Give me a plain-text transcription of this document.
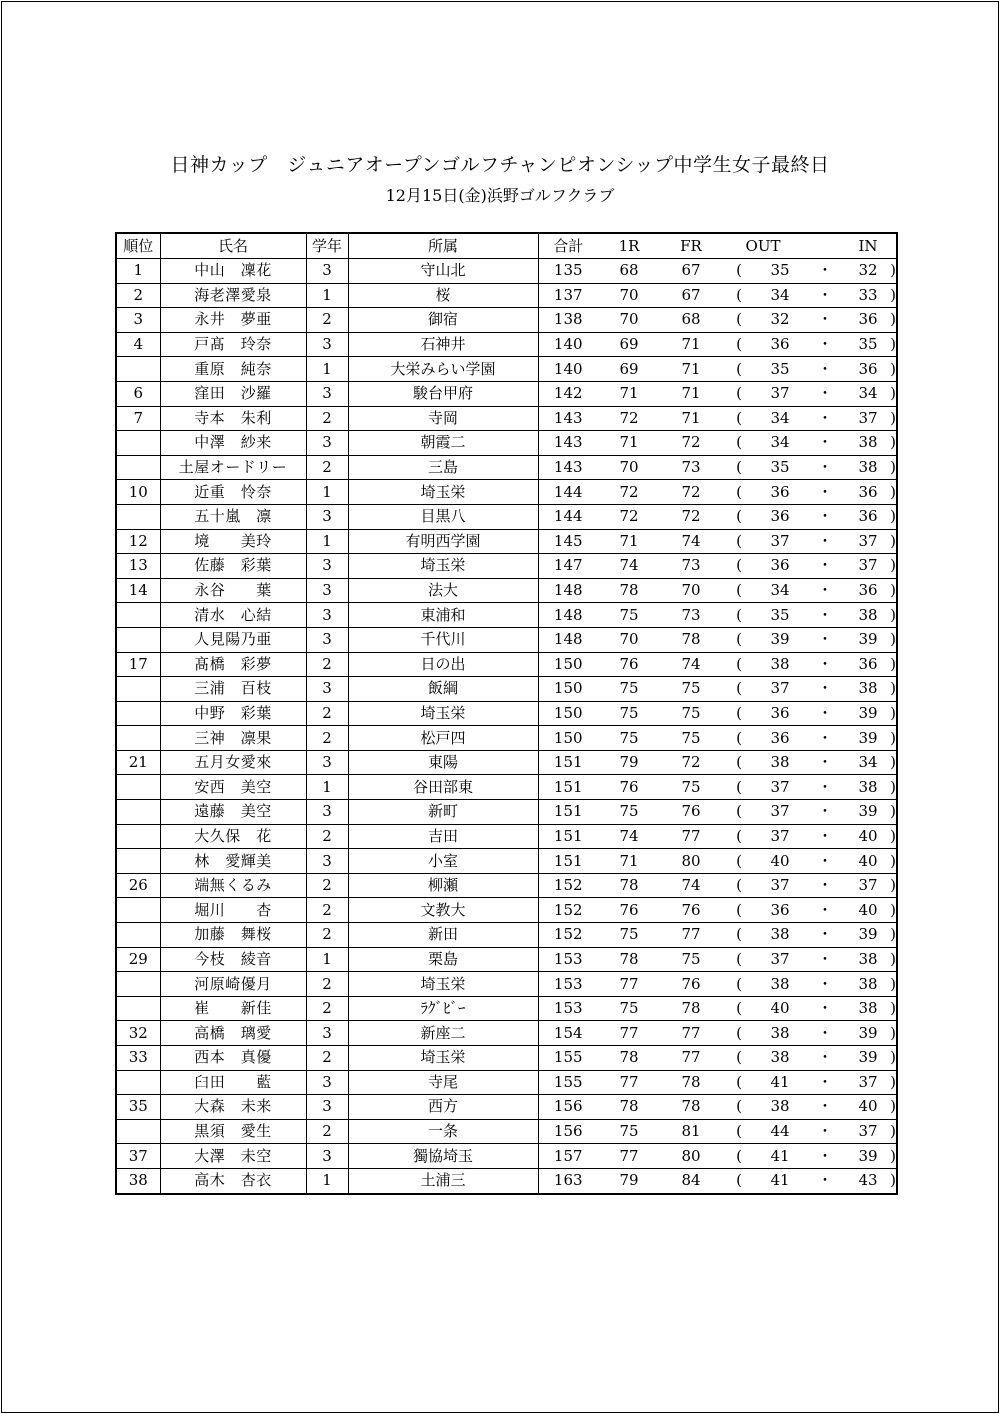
日神カップ　ジュニアオープンゴルフチャンピオンシップ中学生女子最終日
12月15日(金)浜野ゴルフクラブ
順位	氏名	学年	所属	合計	1R	FR	OUT			IN	
1	中山　凜花	3	守山北	135	68	67	(	35	・	32	)
2	海老澤愛泉	1	桜	137	70	67	(	34	・	33	)
3	永井　夢亜	2	御宿	138	70	68	(	32	・	36	)
4	戸髙　玲奈	3	石神井	140	69	71	(	36	・	35	)
	重原　純奈	1	大栄みらい学園	140	69	71	(	35	・	36	)
6	窪田　沙羅	3	駿台甲府	142	71	71	(	37	・	34	)
7	寺本　朱利	2	寺岡	143	72	71	(	34	・	37	)
	中澤　紗来	3	朝霞二	143	71	72	(	34	・	38	)
	土屋オードリー	2	三島	143	70	73	(	35	・	38	)
10	近重　怜奈	1	埼玉栄	144	72	72	(	36	・	36	)
	五十嵐　凛	3	目黒八	144	72	72	(	36	・	36	)
12	境　　美玲	1	有明西学園	145	71	74	(	37	・	37	)
13	佐藤　彩葉	3	埼玉栄	147	74	73	(	36	・	37	)
14	永谷　　葉	3	法大	148	78	70	(	34	・	36	)
	清水　心結	3	東浦和	148	75	73	(	35	・	38	)
	人見陽乃亜	3	千代川	148	70	78	(	39	・	39	)
17	髙橋　彩夢	2	日の出	150	76	74	(	38	・	36	)
	三浦　百枝	3	飯綱	150	75	75	(	37	・	38	)
	中野　彩葉	2	埼玉栄	150	75	75	(	36	・	39	)
	三神　凛果	2	松戸四	150	75	75	(	36	・	39	)
21	五月女愛來	3	東陽	151	79	72	(	38	・	34	)
	安西　美空	1	谷田部東	151	76	75	(	37	・	38	)
	遠藤　美空	3	新町	151	75	76	(	37	・	39	)
	大久保　花	2	吉田	151	74	77	(	37	・	40	)
	林　愛輝美	3	小室	151	71	80	(	40	・	40	)
26	端無くるみ	2	柳瀬	152	78	74	(	37	・	37	)
	堀川　　杏	2	文教大	152	76	76	(	36	・	40	)
	加藤　舞桜	2	新田	152	75	77	(	38	・	39	)
29	今枝　綾音	1	栗島	153	78	75	(	37	・	38	)
	河原崎優月	2	埼玉栄	153	77	76	(	38	・	38	)
	崔　　新佳	2	ﾗｸﾞﾋﾞｰ	153	75	78	(	40	・	38	)
32	高橋　璃愛	3	新座二	154	77	77	(	38	・	39	)
33	西本　真優	2	埼玉栄	155	78	77	(	38	・	39	)
	臼田　　藍	3	寺尾	155	77	78	(	41	・	37	)
35	大森　未来	3	西方	156	78	78	(	38	・	40	)
	黒須　愛生	2	一条	156	75	81	(	44	・	37	)
37	大澤　未空	3	獨協埼玉	157	77	80	(	41	・	39	)
38	高木　杏衣	1	土浦三	163	79	84	(	41	・	43	)
